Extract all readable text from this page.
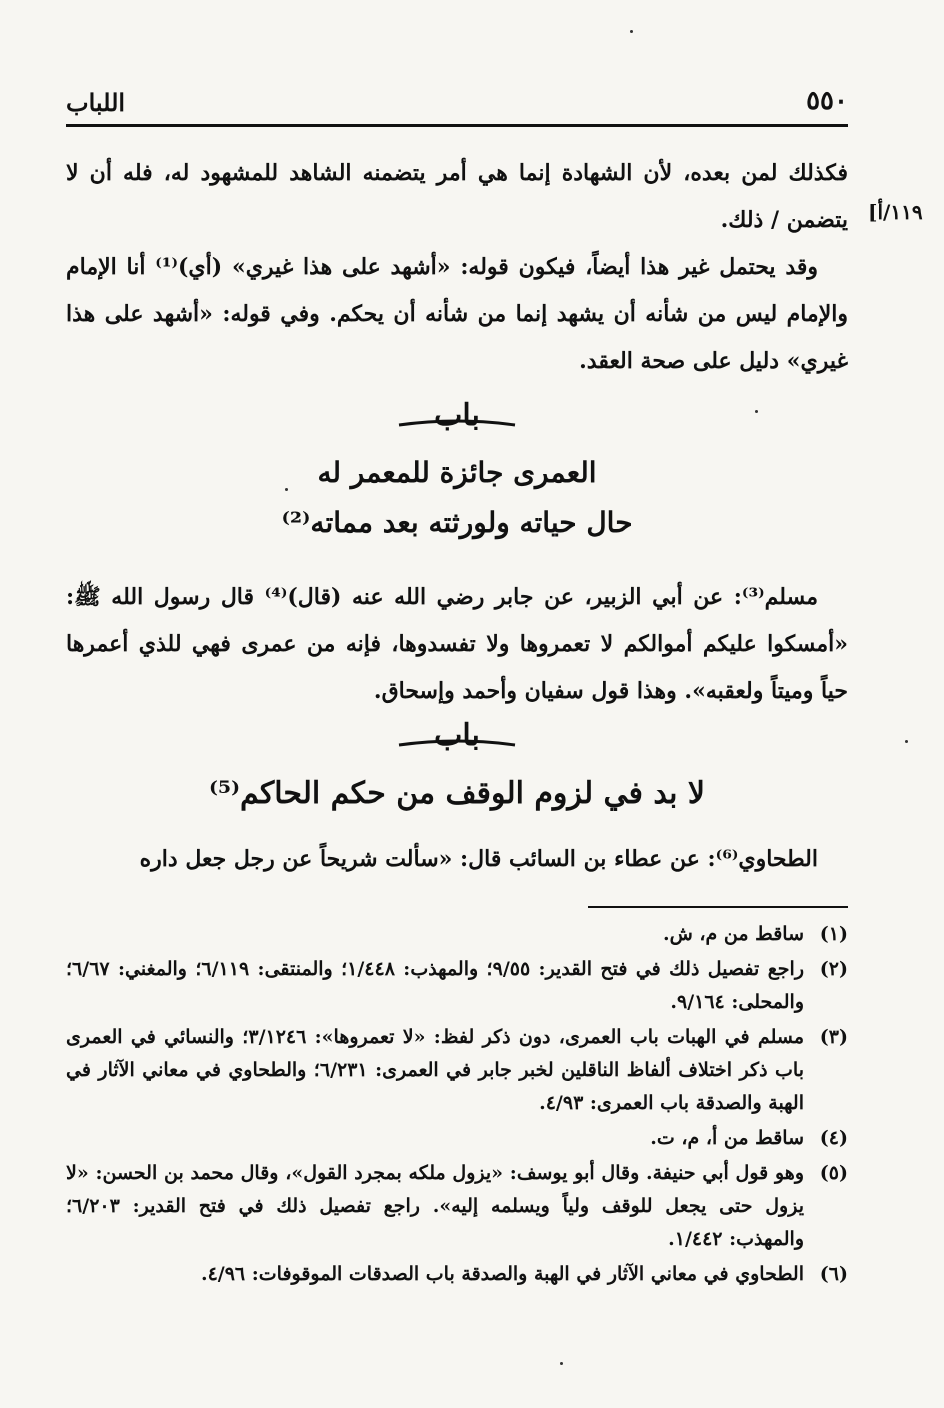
اللباب	٥٥٠
١١٩/أ]
فكذلك لمن بعده، لأن الشهادة إنما هي أمر يتضمنه الشاهد للمشهود له، فله أن لا يتضمن / ذلك.
وقد يحتمل غير هذا أيضاً، فيكون قوله: «أشهد على هذا غيري» (أي)⁽¹⁾ أنا الإمام والإمام ليس من شأنه أن يشهد إنما من شأنه أن يحكم. وفي قوله: «أشهد على هذا غيري» دليل على صحة العقد.
باب
العمرى جائزة للمعمر له
حال حياته ولورثته بعد مماته⁽²⁾
مسلم⁽³⁾: عن أبي الزبير، عن جابر رضي الله عنه (قال)⁽⁴⁾ قال رسول الله ﷺ: «أمسكوا عليكم أموالكم لا تعمروها ولا تفسدوها، فإنه من عمرى فهي للذي أعمرها حياً وميتاً ولعقبه». وهذا قول سفيان وأحمد وإسحاق.
باب
لا بد في لزوم الوقف من حكم الحاكم⁽⁵⁾
الطحاوي⁽⁶⁾: عن عطاء بن السائب قال: «سألت شريحاً عن رجل جعل داره
(١)
ساقط من م، ش.
(٢)
راجع تفصيل ذلك في فتح القدير: ٩/٥٥؛ والمهذب: ١/٤٤٨؛ والمنتقى: ٦/١١٩؛ والمغني: ٦/٦٧؛ والمحلى: ٩/١٦٤.
(٣)
مسلم في الهبات باب العمرى، دون ذكر لفظ: «لا تعمروها»: ٣/١٢٤٦؛ والنسائي في العمرى باب ذكر اختلاف ألفاظ الناقلين لخبر جابر في العمرى: ٦/٢٣١؛ والطحاوي في معاني الآثار في الهبة والصدقة باب العمرى: ٤/٩٣.
(٤)
ساقط من أ، م، ت.
(٥)
وهو قول أبي حنيفة. وقال أبو يوسف: «يزول ملكه بمجرد القول»، وقال محمد بن الحسن: «لا يزول حتى يجعل للوقف ولياً ويسلمه إليه». راجع تفصيل ذلك في فتح القدير: ٦/٢٠٣؛ والمهذب: ١/٤٤٢.
(٦)
الطحاوي في معاني الآثار في الهبة والصدقة باب الصدقات الموقوفات: ٤/٩٦.
